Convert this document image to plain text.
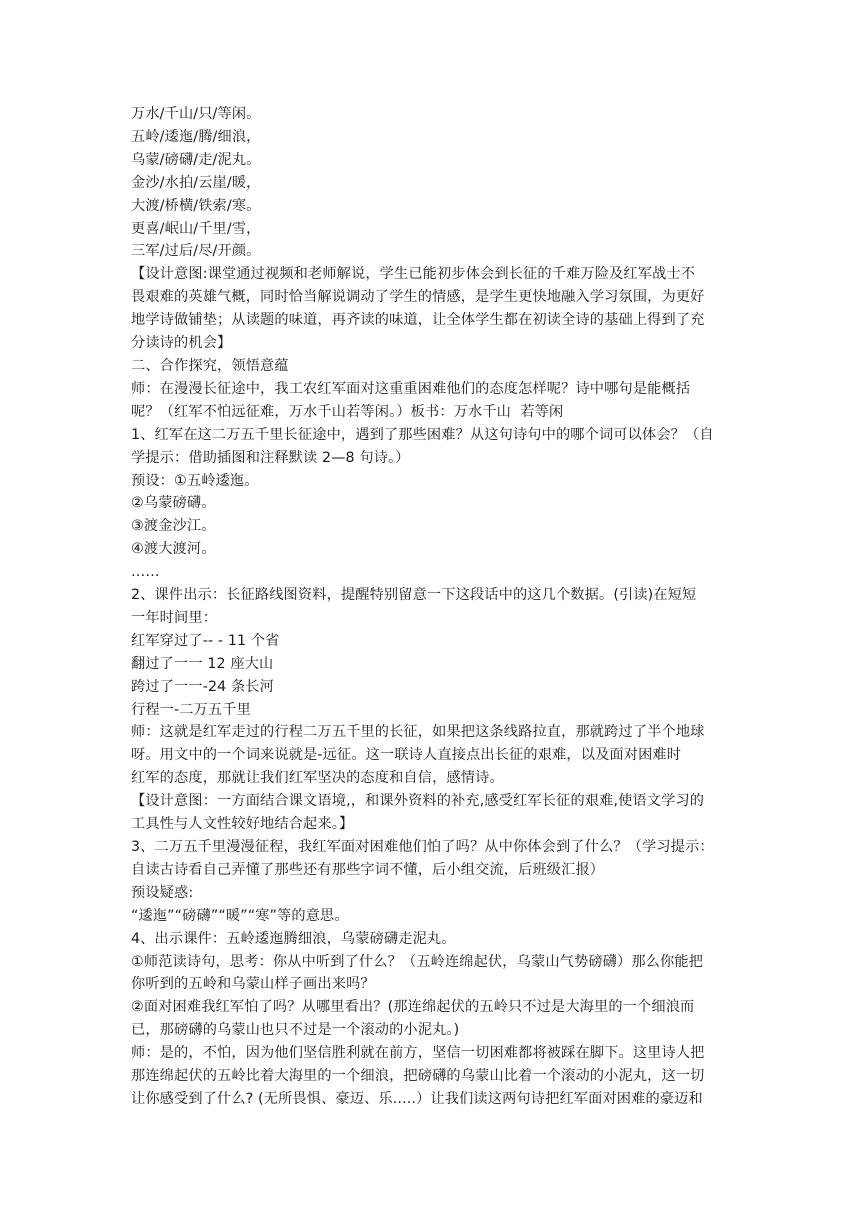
万水/千山/只/等闲。
五岭/逶迤/腾/细浪，
乌蒙/磅礴/走/泥丸。
金沙/水拍/云崖/暖，
大渡/桥横/铁索/寒。
更喜/岷山/千里/雪，
三军/过后/尽/开颜。
【设计意图:课堂通过视频和老师解说，学生已能初步体会到长征的千难万险及红军战士不
畏艰难的英雄气概，同时恰当解说调动了学生的情感，是学生更快地融入学习氛围，为更好
地学诗做铺垫；从读题的味道，再齐读的味道，让全体学生都在初读全诗的基础上得到了充
分读诗的机会】
二、合作探究，领悟意蕴
师：在漫漫长征途中，我工农红军面对这重重困难他们的态度怎样呢？诗中哪句是能概括
呢？（红军不怕远征难，万水千山若等闲。）板书：万水千山  若等闲
1、红军在这二万五千里长征途中，遇到了那些困难？从这句诗句中的哪个词可以体会？（自
学提示：借助插图和注释默读 2—8 句诗。）
预设：①五岭逶迤。
②乌蒙磅礴。
③渡金沙江。
④渡大渡河。
……
2、课件出示：长征路线图资料，提醒特别留意一下这段话中的这几个数据。(引读)在短短
一年时间里：
红军穿过了-- - 11 个省
翻过了一一 12 座大山
跨过了一一-24 条长河
行程一-二万五千里
师：这就是红军走过的行程二万五千里的长征，如果把这条线路拉直，那就跨过了半个地球
呀。用文中的一个词来说就是-远征。这一联诗人直接点出长征的艰难，以及面对困难时
红军的态度，那就让我们红军坚决的态度和自信，感情诗。
【设计意图：一方面结合课文语境,，和课外资料的补充,感受红军长征的艰难,使语文学习的
工具性与人文性较好地结合起来。】
3、二万五千里漫漫征程，我红军面对困难他们怕了吗？从中你体会到了什么？（学习提示：
自读古诗看自己弄懂了那些还有那些字词不懂，后小组交流，后班级汇报）
预设疑惑:
“逶迤”“磅礴”“暖”“寒”等的意思。
4、出示课件：五岭逶迤腾细浪，乌蒙磅礴走泥丸。
①师范读诗句，思考：你从中听到了什么？（五岭连绵起伏，乌蒙山气势磅礴）那么你能把
你听到的五岭和乌蒙山样子画出来吗？
②面对困难我红军怕了吗？从哪里看出？(那连绵起伏的五岭只不过是大海里的一个细浪而
已，那磅礴的乌蒙山也只不过是一个滚动的小泥丸。)
师：是的，不怕，因为他们坚信胜利就在前方，坚信一切困难都将被踩在脚下。这里诗人把
那连绵起伏的五岭比着大海里的一个细浪，把磅礴的乌蒙山比着一个滚动的小泥丸，这一切
让你感受到了什么? (无所畏惧、豪迈、乐.....）让我们读这两句诗把红军面对困难的豪迈和
